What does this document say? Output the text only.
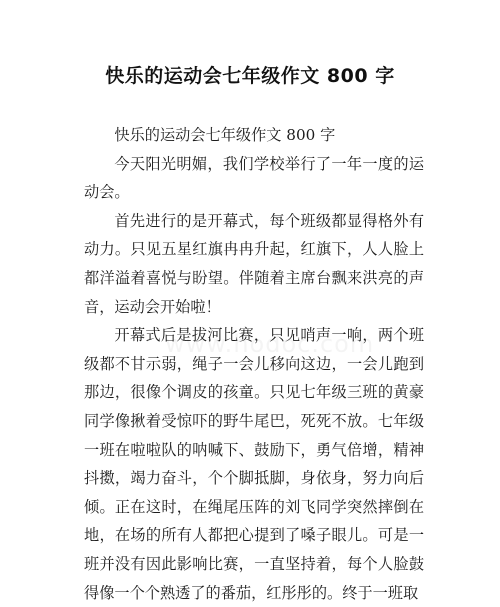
快乐的运动会七年级作文 800 字

快乐的运动会七年级作文 800 字

今天阳光明媚，我们学校举行了一年一度的运动会。

首先进行的是开幕式，每个班级都显得格外有动力。只见五星红旗冉冉升起，红旗下，人人脸上都洋溢着喜悦与盼望。伴随着主席台飘来洪亮的声音，运动会开始啦！

开幕式后是拔河比赛，只见哨声一响，两个班级都不甘示弱，绳子一会儿移向这边，一会儿跑到那边，很像个调皮的孩童。只见七年级三班的黄豪同学像揪着受惊吓的野牛尾巴，死死不放。七年级一班在啦啦队的呐喊下、鼓励下，勇气倍增，精神抖擞，竭力奋斗，个个脚抵脚，身依身，努力向后倾。正在这时，在绳尾压阵的刘飞同学突然摔倒在地，在场的所有人都把心提到了嗓子眼儿。可是一班并没有因此影响比赛，一直坚持着，每个人脸鼓得像一个个熟透了的番茄，红彤彤的。终于一班取
